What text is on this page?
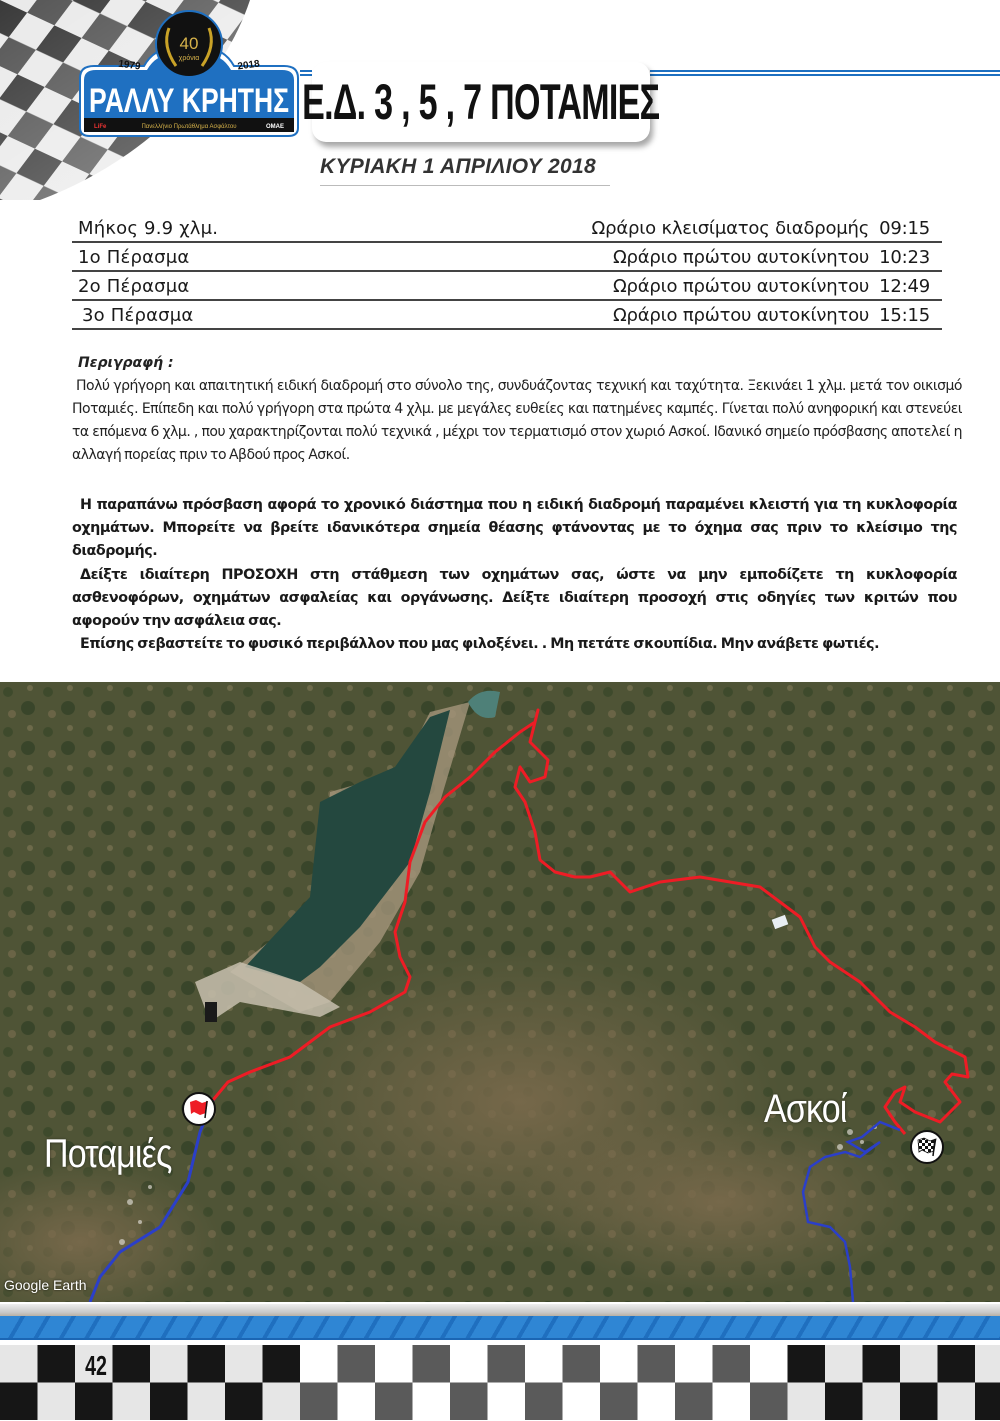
40
χρόνια
1979	2018
ΡΑΛΛΥ ΚΡΗΤΗΣ
LiFe	Πανελλήνιο Πρωτάθλημα Ασφάλτου	ΟΜΑΕ Ε.Δ. 3 , 5 , 7 ΠΟΤΑΜΙΕΣ
ΚΥΡΙΑΚΗ 1 ΑΠΡΙΛΙΟΥ 2018
Μήκος 9.9 χλμ.	Ωράριο κλεισίματος διαδρομής 09:15
1ο Πέρασμα	Ωράριο πρώτου αυτοκίνητου 10:23
2ο Πέρασμα	Ωράριο πρώτου αυτοκίνητου 12:49
3ο Πέρασμα	Ωράριο πρώτου αυτοκίνητου 15:15
Περιγραφή :

Πολύ γρήγορη και απαιτητική ειδική διαδρομή στο σύνολο της, συνδυάζοντας τεχνική και ταχύτητα. Ξεκινάει 1 χλμ. μετά τον οικισμό Ποταμιές. Επίπεδη και πολύ γρήγορη στα πρώτα 4 χλμ. με μεγάλες ευθείες και πατημένες καμπές. Γίνεται πολύ ανηφορική και στενεύει τα επόμενα 6 χλμ. , που χαρακτηρίζονται πολύ τεχνικά , μέχρι τον τερματισμό στον χωριό Ασκοί. Ιδανικό σημείο πρόσβασης αποτελεί η αλλαγή πορείας πριν το Αβδού προς Ασκοί.

Η παραπάνω πρόσβαση αφορά το χρονικό διάστημα που η ειδική διαδρομή παραμένει κλειστή για τη κυκλοφορία οχημάτων. Μπορείτε να βρείτε ιδανικότερα σημεία θέασης φτάνοντας με το όχημα σας πριν το κλείσιμο της διαδρομής.

Δείξτε ιδιαίτερη ΠΡΟΣΟΧΗ στη στάθμεση των οχημάτων σας, ώστε να μην εμποδίζετε τη κυκλοφορία ασθενοφόρων, οχημάτων ασφαλείας και οργάνωσης. Δείξτε ιδιαίτερη προσοχή στις οδηγίες των κριτών που αφορούν την ασφάλεια σας.

Επίσης σεβαστείτε το φυσικό περιβάλλον που μας φιλοξένει. . Μη πετάτε σκουπίδια. Μην ανάβετε φωτιές.

Ποταμιές
Ασκοί
Google Earth
42
